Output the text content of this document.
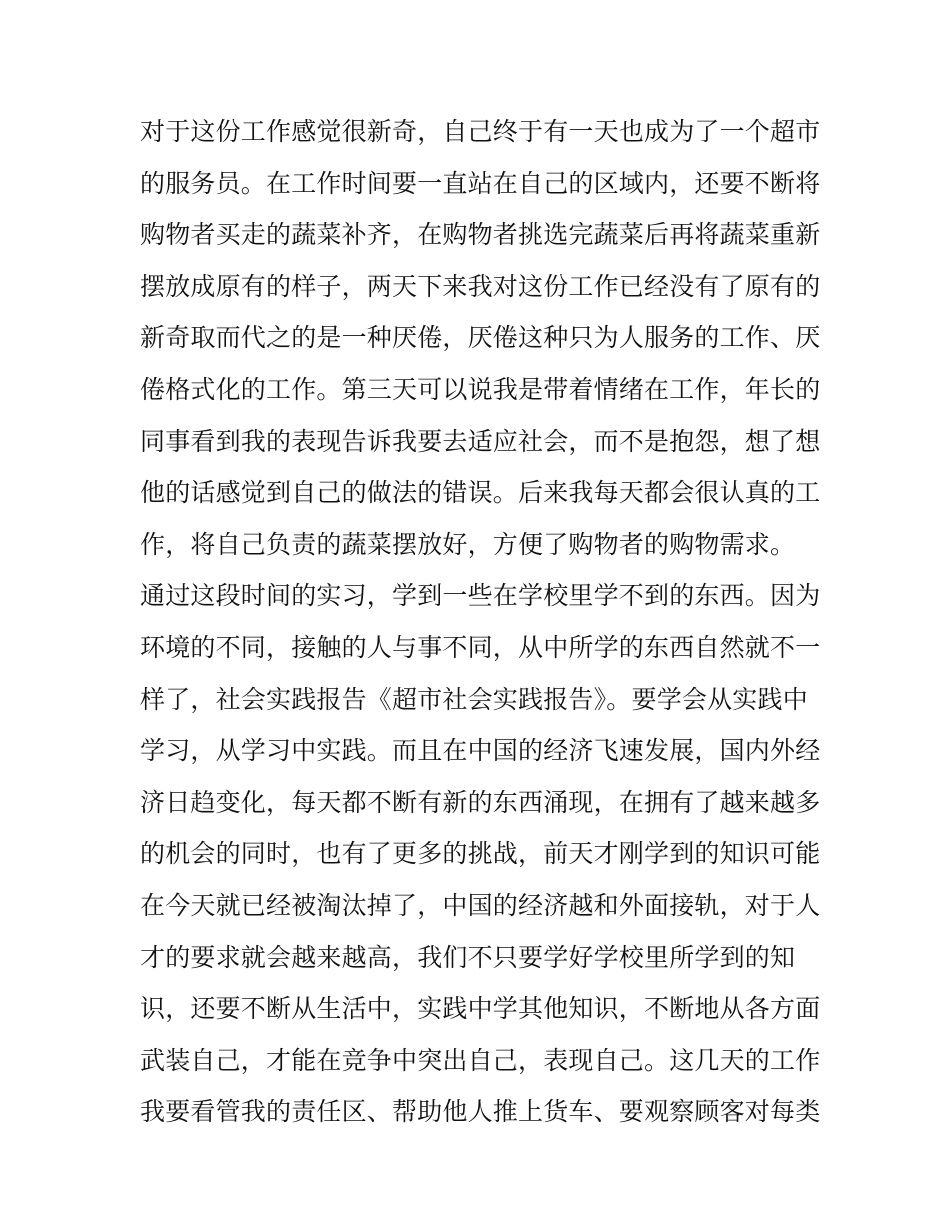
对于这份工作感觉很新奇，自己终于有一天也成为了一个超市
的服务员。在工作时间要一直站在自己的区域内，还要不断将
购物者买走的蔬菜补齐，在购物者挑选完蔬菜后再将蔬菜重新
摆放成原有的样子，两天下来我对这份工作已经没有了原有的
新奇取而代之的是一种厌倦，厌倦这种只为人服务的工作、厌
倦格式化的工作。第三天可以说我是带着情绪在工作，年长的
同事看到我的表现告诉我要去适应社会，而不是抱怨，想了想
他的话感觉到自己的做法的错误。后来我每天都会很认真的工
作，将自己负责的蔬菜摆放好，方便了购物者的购物需求。
通过这段时间的实习，学到一些在学校里学不到的东西。因为
环境的不同，接触的人与事不同，从中所学的东西自然就不一
样了，社会实践报告《超市社会实践报告》。要学会从实践中
学习，从学习中实践。而且在中国的经济飞速发展，国内外经
济日趋变化，每天都不断有新的东西涌现，在拥有了越来越多
的机会的同时，也有了更多的挑战，前天才刚学到的知识可能
在今天就已经被淘汰掉了，中国的经济越和外面接轨，对于人
才的要求就会越来越高，我们不只要学好学校里所学到的知
识，还要不断从生活中，实践中学其他知识，不断地从各方面
武装自己，才能在竞争中突出自己，表现自己。这几天的工作
我要看管我的责任区、帮助他人推上货车、要观察顾客对每类
